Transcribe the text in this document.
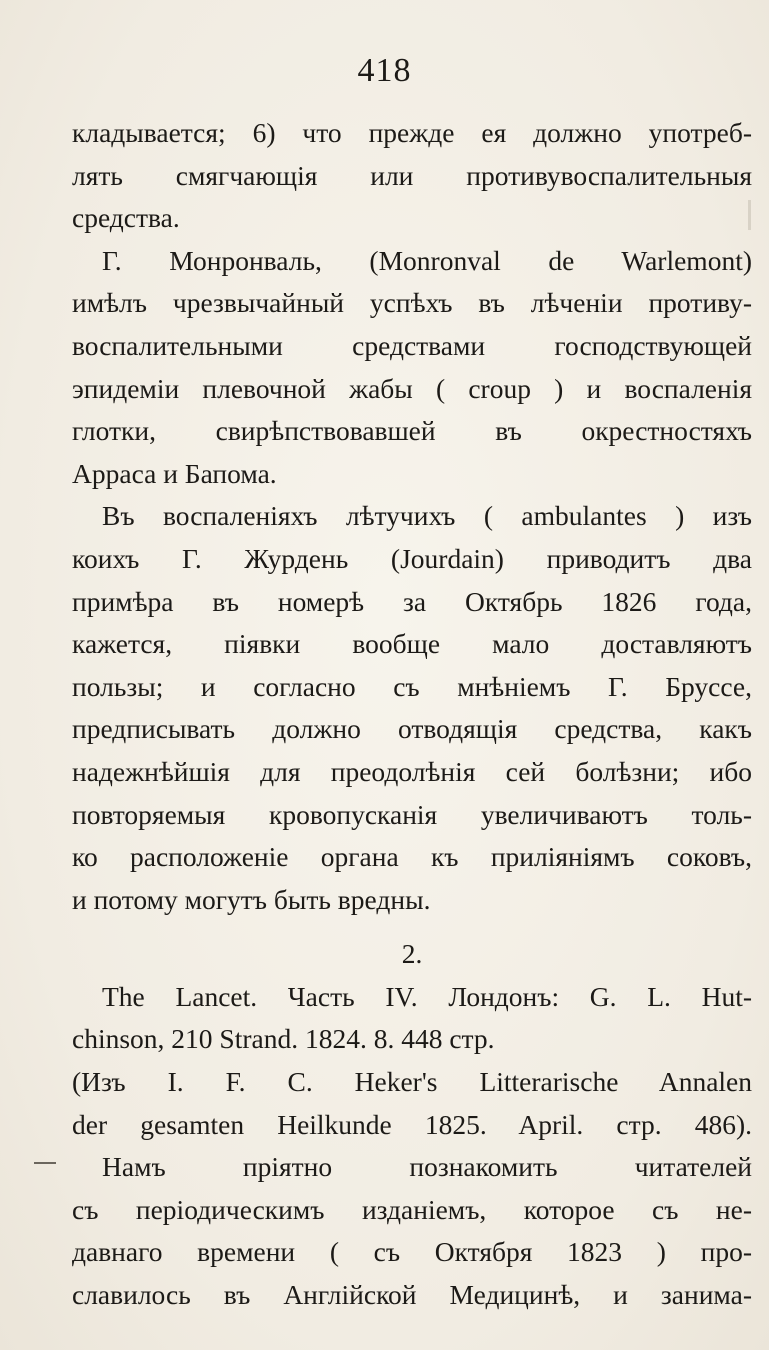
418
кладывается; 6) что прежде ея должно употреб-
лять смягчающія или противувоспалительныя
средства.
Г. Монронваль, (Monronval de Warlemont)
имѣлъ чрезвычайный успѣхъ въ лѣченіи противу-
воспалительными средствами господствующей
эпидеміи плевочной жабы ( croup ) и воспаленія
глотки, свирѣпствовавшей въ окрестностяхъ
Арраса и Бапома.
Въ воспаленіяхъ лѣтучихъ ( ambulantes ) изъ
коихъ Г. Журдень (Jourdain) приводитъ два
примѣра въ номерѣ за Октябрь 1826 года,
кажется, піявки вообще мало доставляютъ
пользы; и согласно съ мнѣніемъ Г. Бруссе,
предписывать должно отводящія средства, какъ
надежнѣйшія для преодолѣнія сей болѣзни; ибо
повторяемыя кровопусканія увеличиваютъ толь-
ко расположеніе органа къ приліяніямъ соковъ,
и потому могутъ быть вредны.
2.
The Lancet. Часть IV. Лондонъ: G. L. Hut-
chinson, 210 Strand. 1824. 8. 448 стр.
(Изъ I. F. C. Heker's Litterarische Annalen
der gesamten Heilkunde 1825. April. стр. 486).
Намъ пріятно познакомить читателей
съ періодическимъ изданіемъ, которое съ не-
давнаго времени ( съ Октября 1823 ) про-
славилось въ Англійской Медицинѣ, и занима-
